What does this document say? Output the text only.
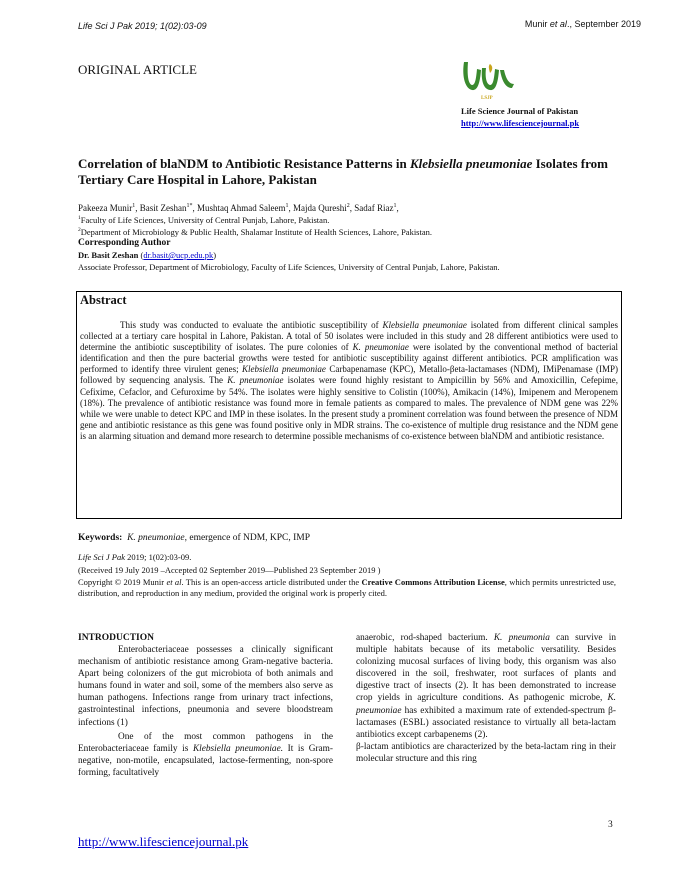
Life Sci J Pak 2019; 1(02):03-09	Munir et al., September 2019
ORIGINAL ARTICLE
LSJP
Life Science Journal of Pakistan
http://www.lifesciencejournal.pk
Correlation of blaNDM to Antibiotic Resistance Patterns in Klebsiella pneumoniae Isolates from Tertiary Care Hospital in Lahore, Pakistan
Pakeeza Munir$^1$, Basit Zeshan$^{1*}$, Mushtaq Ahmad Saleem$^1$, Majda Qureshi$^2$, Sadaf Riaz$^1$,
$^1$Faculty of Life Sciences, University of Central Punjab, Lahore, Pakistan.
$^2$Department of Microbiology & Public Health, Shalamar Institute of Health Sciences, Lahore, Pakistan.
Corresponding Author
Dr. Basit Zeshan (dr.basit@ucp.edu.pk)
Associate Professor, Department of Microbiology, Faculty of Life Sciences, University of Central Punjab, Lahore, Pakistan.
Abstract

This study was conducted to evaluate the antibiotic susceptibility of Klebsiella pneumoniae isolated from different clinical samples collected at a tertiary care hospital in Lahore, Pakistan. A total of 50 isolates were included in this study and 28 different antibiotics were used to determine the antibiotic susceptibility of isolates. The pure colonies of K. pneumoniae were isolated by the conventional method of bacterial identification and then the pure bacterial growths were tested for antibiotic susceptibility against different antibiotics. PCR amplification was performed to identify three virulent genes; Klebsiella pneumoniae Carbapenamase (KPC), Metallo-βeta-lactamases (NDM), IMiPenamase (IMP) followed by sequencing analysis. The K. pneumoniae isolates were found highly resistant to Ampicillin by 56% and Amoxicillin, Cefepime, Cefixime, Cefaclor, and Cefuroxime by 54%. The isolates were highly sensitive to Colistin (100%), Amikacin (14%), Imipenem and Meropenem (18%). The prevalence of antibiotic resistance was found more in female patients as compared to males. The prevalence of NDM gene was 22% while we were unable to detect KPC and IMP in these isolates. In the present study a prominent correlation was found between the presence of NDM gene and antibiotic resistance as this gene was found positive only in MDR strains. The co-existence of multiple drug resistance and the NDM gene is an alarming situation and demand more research to determine possible mechanisms of co-existence between blaNDM and antibiotic resistance.

Keywords: K. pneumoniae, emergence of NDM, KPC, IMP
Life Sci J Pak 2019; 1(02):03-09.
(Received 19 July 2019 –Accepted 02 September 2019—Published 23 September 2019 )
Copyright © 2019 Munir et al. This is an open-access article distributed under the Creative Commons Attribution License, which permits unrestricted use, distribution, and reproduction in any medium, provided the original work is properly cited.
INTRODUCTION

Enterobacteriaceae possesses a clinically significant mechanism of antibiotic resistance among Gram-negative bacteria. Apart being colonizers of the gut microbiota of both animals and humans found in water and soil, some of the members also serve as human pathogens. Infections range from urinary tract infections, gastrointestinal infections, pneumonia and severe bloodstream infections (1)

One of the most common pathogens in the Enterobacteriaceae family is Klebsiella pneumoniae. It is Gram-negative, non-motile, encapsulated, lactose-fermenting, non-spore forming, facultatively

anaerobic, rod-shaped bacterium. K. pneumonia can survive in multiple habitats because of its metabolic versatility. Besides colonizing mucosal surfaces of living body, this organism was also discovered in the soil, freshwater, root surfaces of plants and digestive tract of insects (2). It has been demonstrated to increase crop yields in agriculture conditions. As pathogenic microbe, K. pneumoniae has exhibited a maximum rate of extended-spectrum β-lactamases (ESBL) associated resistance to virtually all beta-lactam antibiotics except carbapenems (2).

β-lactam antibiotics are characterized by the beta-lactam ring in their molecular structure and this ring

3
http://www.lifesciencejournal.pk
